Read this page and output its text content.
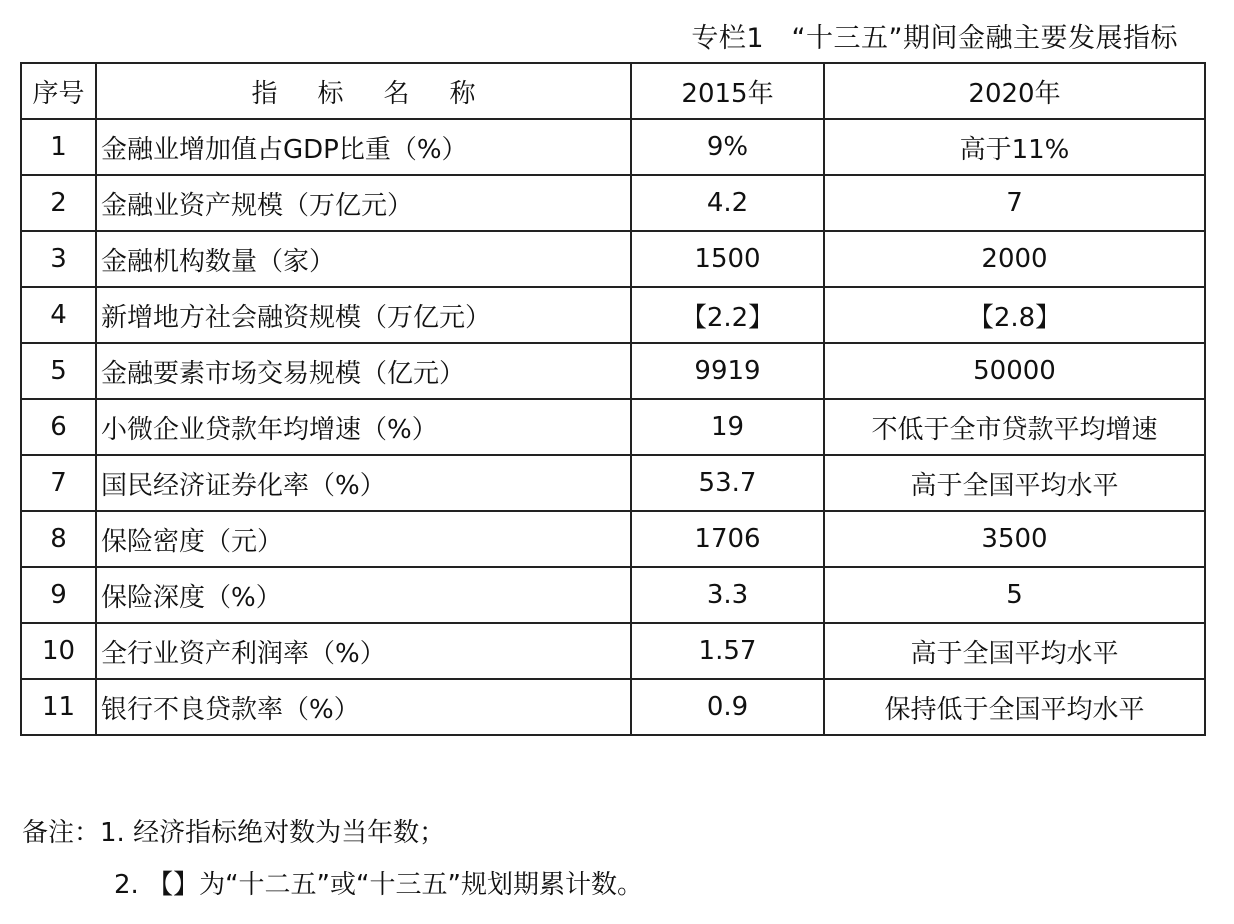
专栏1　“十三五”期间金融主要发展指标
序号	指标名称	2015年	2020年
1	金融业增加值占GDP比重（%）	9%	高于11%
2	金融业资产规模（万亿元）	4.2	7
3	金融机构数量（家）	1500	2000
4	新增地方社会融资规模（万亿元）	【2.2】	【2.8】
5	金融要素市场交易规模（亿元）	9919	50000
6	小微企业贷款年均增速（%）	19	不低于全市贷款平均增速
7	国民经济证券化率（%）	53.7	高于全国平均水平
8	保险密度（元）	1706	3500
9	保险深度（%）	3.3	5
10	全行业资产利润率（%）	1.57	高于全国平均水平
11	银行不良贷款率（%）	0.9	保持低于全国平均水平
备注：1. 经济指标绝对数为当年数；
2. 【】为“十二五”或“十三五”规划期累计数。
